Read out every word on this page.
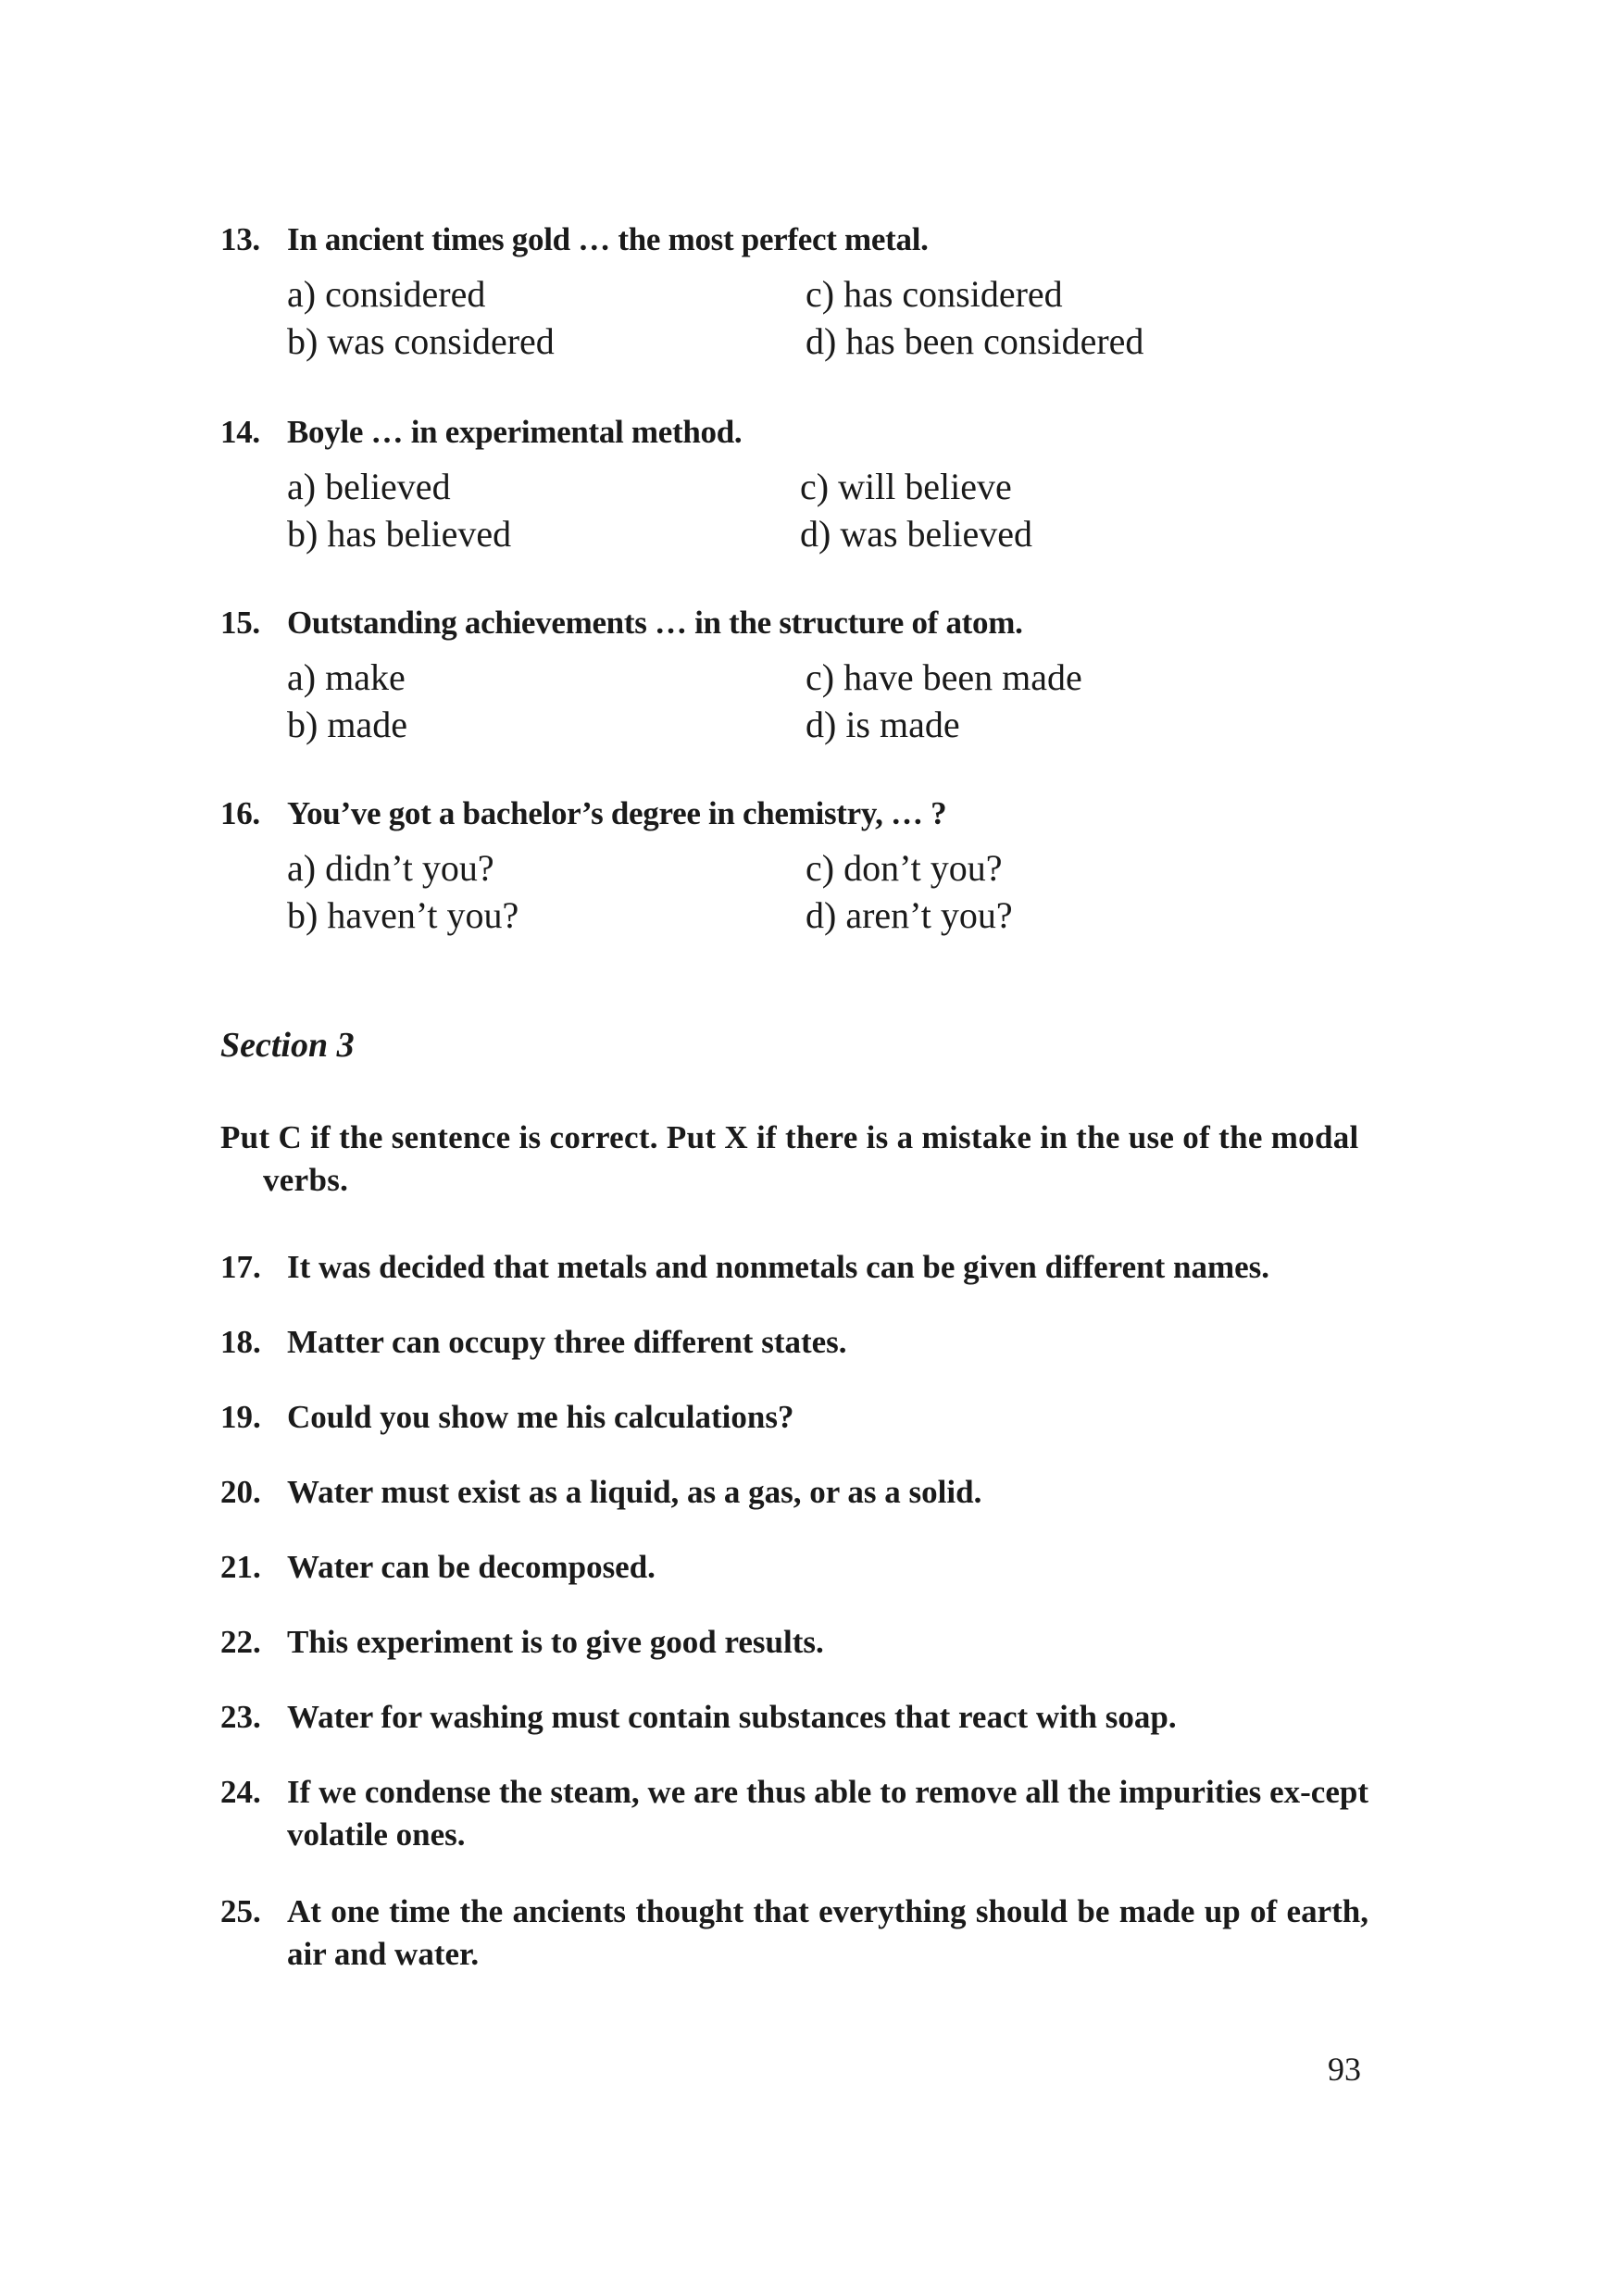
13. In ancient times gold … the most perfect metal.
a) considered	c) has considered
b) was considered	d) has been considered
14. Boyle … in experimental method.
a) believed	c) will believe
b) has believed	d) was believed
15. Outstanding achievements … in the structure of atom.
a) make	c) have been made
b) made	d) is made
16. You’ve got a bachelor’s degree in chemistry, … ?
a) didn’t you?	c) don’t you?
b) haven’t you?	d) aren’t you?
Section 3
Put C if the sentence is correct. Put X if there is a mistake in the use of the modal verbs.
17. It was decided that metals and nonmetals can be given different names.
18. Matter can occupy three different states.
19. Could you show me his calculations?
20. Water must exist as a liquid, as a gas, or as a solid.
21. Water can be decomposed.
22. This experiment is to give good results.
23. Water for washing must contain substances that react with soap.
24. If we condense the steam, we are thus able to remove all the impurities ex-cept volatile ones.
25. At one time the ancients thought that everything should be made up of earth, air and water.
93
